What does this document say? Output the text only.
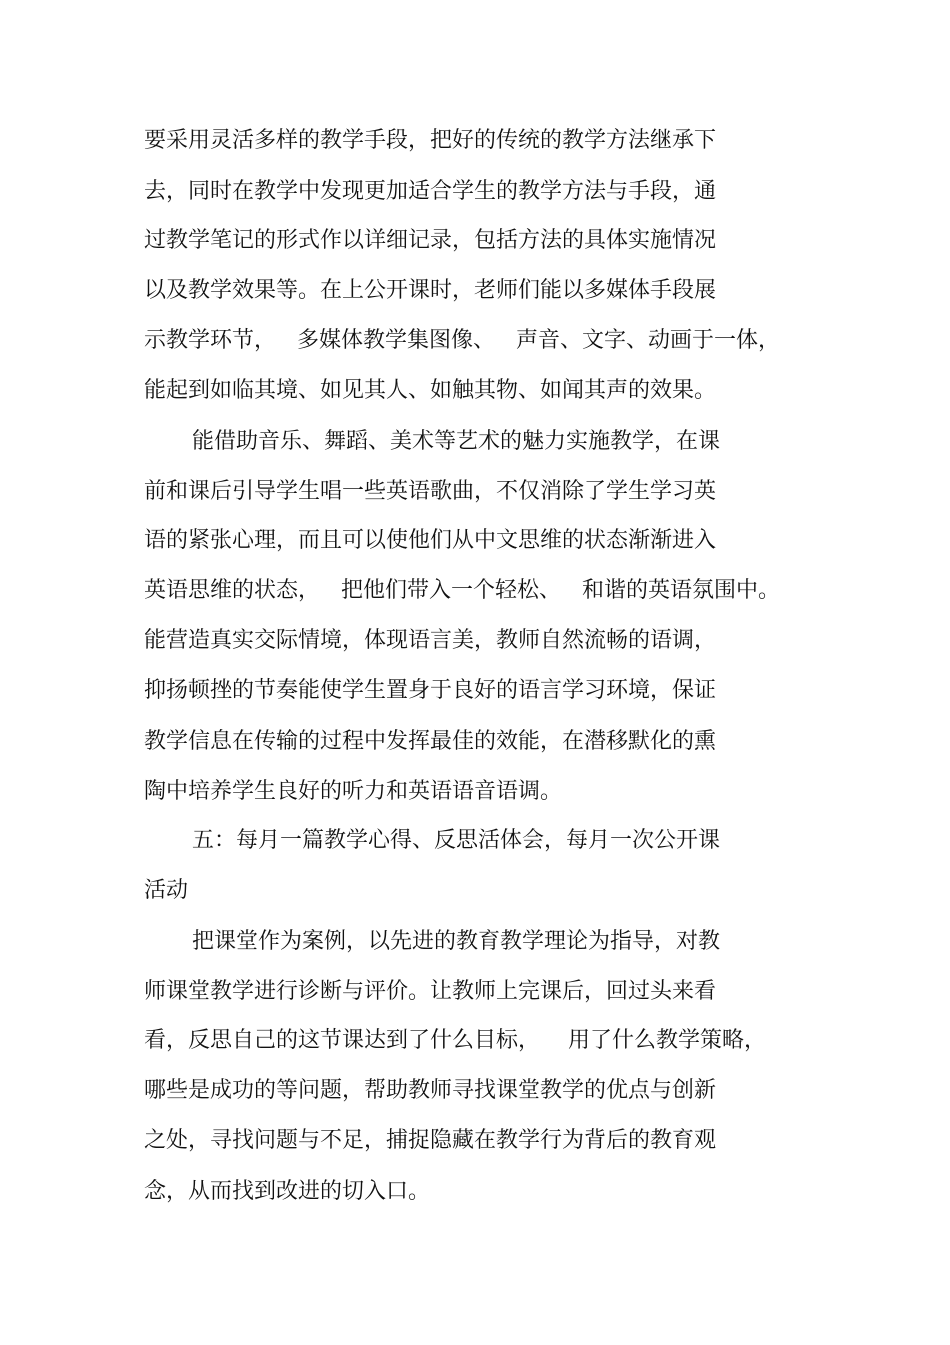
要采用灵活多样的教学手段，把好的传统的教学方法继承下

去，同时在教学中发现更加适合学生的教学方法与手段，通

过教学笔记的形式作以详细记录，包括方法的具体实施情况

以及教学效果等。在上公开课时，老师们能以多媒体手段展

示教学环节，   多媒体教学集图像、   声音、文字、动画于一体，

能起到如临其境、如见其人、如触其物、如闻其声的效果。

能借助音乐、舞蹈、美术等艺术的魅力实施教学，在课

前和课后引导学生唱一些英语歌曲，不仅消除了学生学习英

语的紧张心理，而且可以使他们从中文思维的状态渐渐进入

英语思维的状态，   把他们带入一个轻松、   和谐的英语氛围中。

能营造真实交际情境，体现语言美，教师自然流畅的语调，

抑扬顿挫的节奏能使学生置身于良好的语言学习环境，保证

教学信息在传输的过程中发挥最佳的效能，在潜移默化的熏

陶中培养学生良好的听力和英语语音语调。

五：每月一篇教学心得、反思活体会，每月一次公开课

活动

把课堂作为案例，以先进的教育教学理论为指导，对教

师课堂教学进行诊断与评价。让教师上完课后，回过头来看

看，反思自己的这节课达到了什么目标，    用了什么教学策略，

哪些是成功的等问题，帮助教师寻找课堂教学的优点与创新

之处，寻找问题与不足，捕捉隐藏在教学行为背后的教育观

念，从而找到改进的切入口。
